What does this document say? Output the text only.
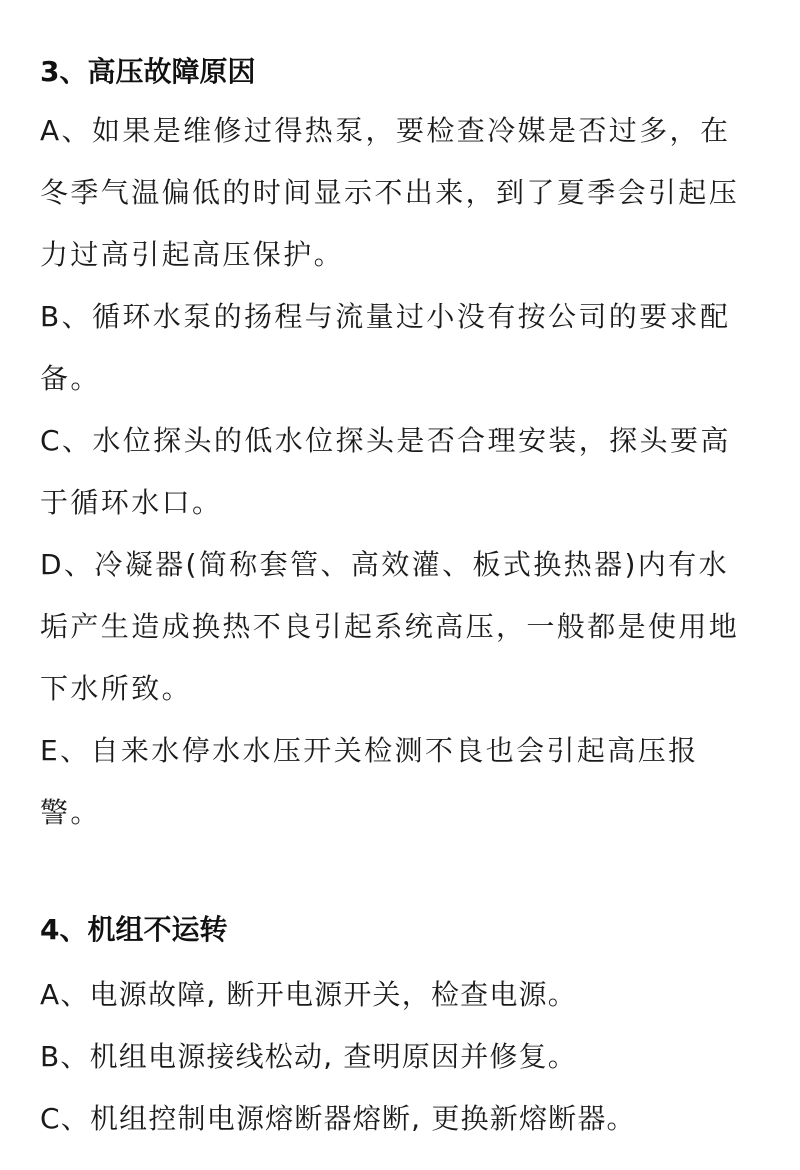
3、高压故障原因
A、如果是维修过得热泵，要检查冷媒是否过多，在
冬季气温偏低的时间显示不出来，到了夏季会引起压
力过高引起高压保护。
B、循环水泵的扬程与流量过小没有按公司的要求配
备。
C、水位探头的低水位探头是否合理安装，探头要高
于循环水口。
D、冷凝器(简称套管、高效灌、板式换热器)内有水
垢产生造成换热不良引起系统高压，一般都是使用地
下水所致。
E、自来水停水水压开关检测不良也会引起高压报
警。
4、机组不运转
A、电源故障, 断开电源开关，检查电源。
B、机组电源接线松动, 查明原因并修复。
C、机组控制电源熔断器熔断, 更换新熔断器。
